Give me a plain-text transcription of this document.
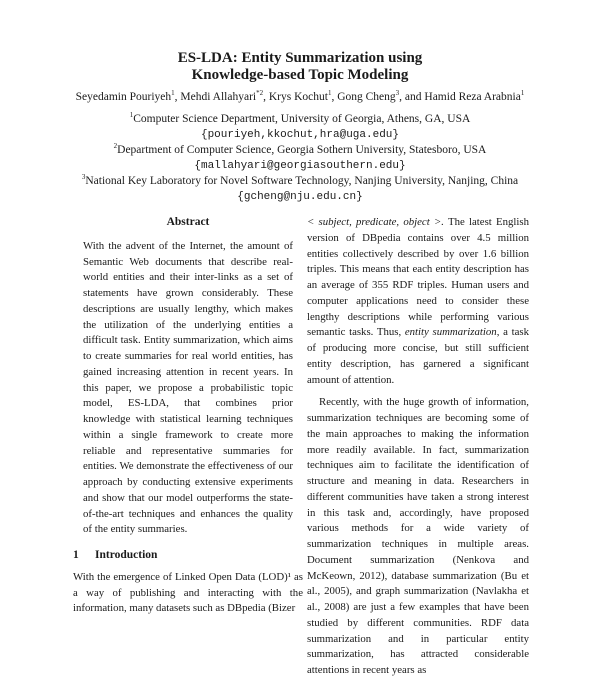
ES-LDA: Entity Summarization using
Knowledge-based Topic Modeling
Seyedamin Pouriyeh$^1$, Mehdi Allahyari$^{*2}$, Krys Kochut$^1$, Gong Cheng$^3$, and Hamid Reza Arabnia$^1$
$^1$Computer Science Department, University of Georgia, Athens, GA, USA
{pouriyeh,kkochut,hra@uga.edu}
$^2$Department of Computer Science, Georgia Sothern University, Statesboro, USA
{mallahyari@georgiasouthern.edu}
$^3$National Key Laboratory for Novel Software Technology, Nanjing University, Nanjing, China
{gcheng@nju.edu.cn}
Abstract

With the advent of the Internet, the amount of Semantic Web documents that describe real-world entities and their inter-links as a set of statements have grown considerably. These descriptions are usually lengthy, which makes the utilization of the underlying entities a difficult task. Entity summarization, which aims to create summaries for real world entities, has gained increasing attention in recent years. In this paper, we propose a probabilistic topic model, ES-LDA, that combines prior knowledge with statistical learning techniques within a single framework to create more reliable and representative summaries for entities. We demonstrate the effectiveness of our approach by conducting extensive experiments and show that our model outperforms the state-of-the-art techniques and enhances the quality of the entity summaries.

1 Introduction

With the emergence of Linked Open Data (LOD)¹ as a way of publishing and interacting with the information, many datasets such as DBpedia (Bizer

< subject, predicate, object >. The latest English version of DBpedia contains over 4.5 million entities collectively described by over 1.6 billion triples. This means that each entity description has an average of 355 RDF triples. Human users and computer applications need to consider these lengthy descriptions while performing various semantic tasks. Thus, entity summarization, a task of producing more concise, but still sufficient entity description, has garnered a significant amount of attention.

Recently, with the huge growth of information, summarization techniques are becoming some of the main approaches to making the information more readily available. In fact, summarization techniques aim to facilitate the identification of structure and meaning in data. Researchers in different communities have taken a strong interest in this task and, accordingly, have proposed various methods for a wide variety of summarization techniques in multiple areas. Document summarization (Nenkova and McKeown, 2012), database summarization (Bu et al., 2005), and graph summarization (Navlakha et al., 2008) are just a few examples that have been studied by different communities. RDF data summarization and in particular entity summarization, has attracted considerable attentions in recent years as
